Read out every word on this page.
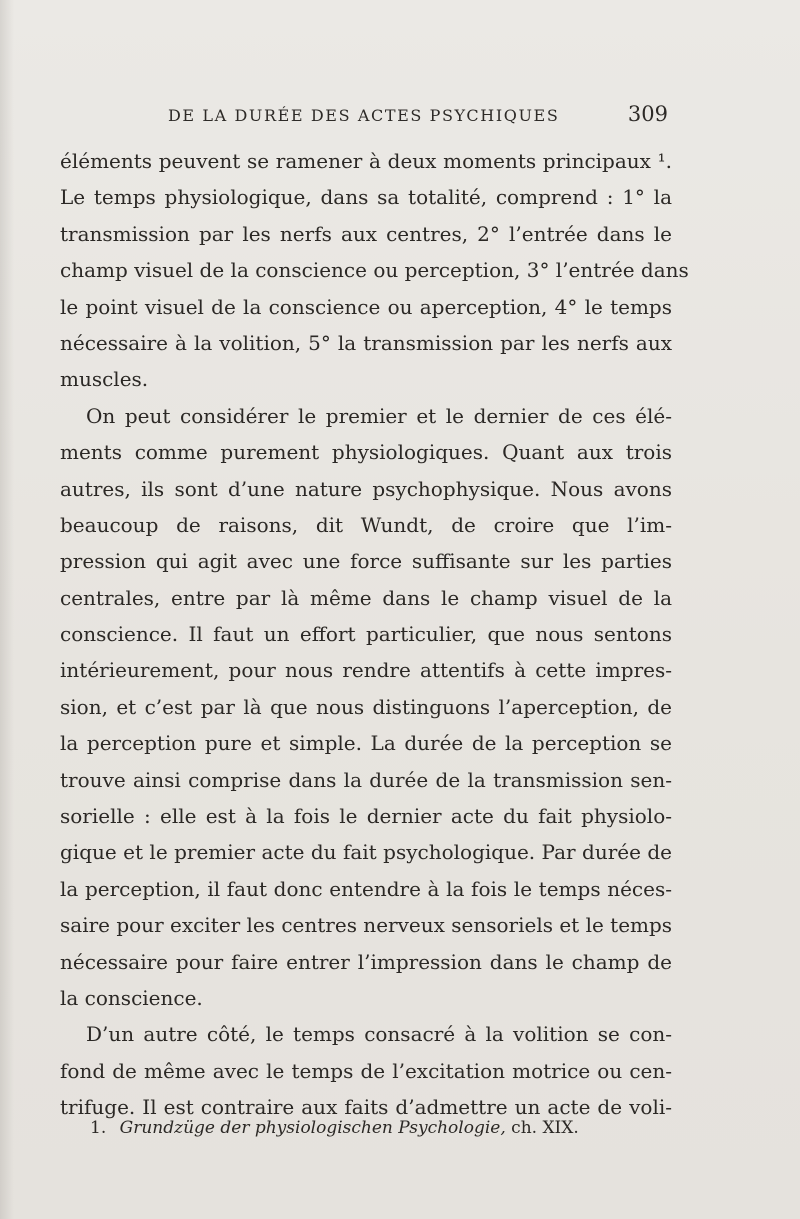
DE LA DURÉE DES ACTES PSYCHIQUES	309
éléments peuvent se ramener à deux moments principaux ¹.
Le temps physiologique, dans sa totalité, comprend : 1° la
transmission par les nerfs aux centres, 2° l’entrée dans le
champ visuel de la conscience ou perception, 3° l’entrée dans
le point visuel de la conscience ou aperception, 4° le temps
nécessaire à la volition, 5° la transmission par les nerfs aux
muscles.
On peut considérer le premier et le dernier de ces élé-
ments comme purement physiologiques. Quant aux trois
autres, ils sont d’une nature psychophysique. Nous avons
beaucoup de raisons, dit Wundt, de croire que l’im-
pression qui agit avec une force suffisante sur les parties
centrales, entre par là même dans le champ visuel de la
conscience. Il faut un effort particulier, que nous sentons
intérieurement, pour nous rendre attentifs à cette impres-
sion, et c’est par là que nous distinguons l’aperception, de
la perception pure et simple. La durée de la perception se
trouve ainsi comprise dans la durée de la transmission sen-
sorielle : elle est à la fois le dernier acte du fait physiolo-
gique et le premier acte du fait psychologique. Par durée de
la perception, il faut donc entendre à la fois le temps néces-
saire pour exciter les centres nerveux sensoriels et le temps
nécessaire pour faire entrer l’impression dans le champ de
la conscience.
D’un autre côté, le temps consacré à la volition se con-
fond de même avec le temps de l’excitation motrice ou cen-
trifuge. Il est contraire aux faits d’admettre un acte de voli-
1. Grundzüge der physiologischen Psychologie, ch. XIX.
